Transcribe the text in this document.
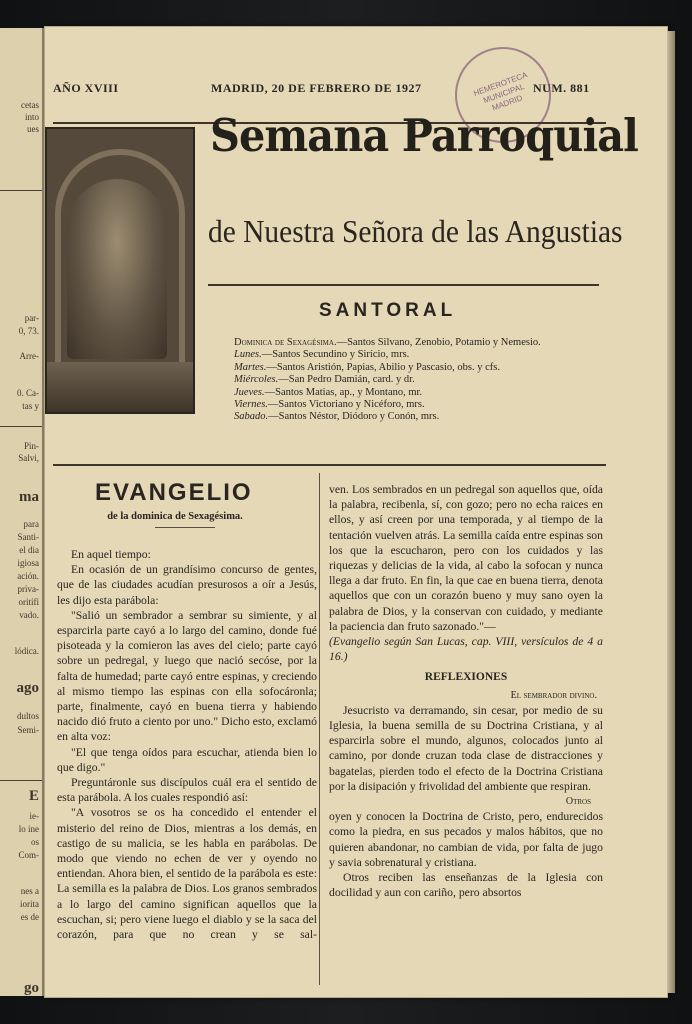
cetas
into
ues
par-
0, 73.
Arre-
0. Ca-
tas y
Pin-
Salvi,
ma
para
Santi-
el dia
igiosa
ación.
priva-
oritífi
vado.
lódica.
ago
dultos
Semi-
E
ie-
lo ine
os
Com-
nes a
iorita
es de
go
HEMEROTECA MUNICIPAL MADRID
AÑO XVIII	MADRID, 20 DE FEBRERO DE 1927	NUM. 881
Semana Parroquial
de Nuestra Señora de las Angustias
SANTORAL
Dominica de Sexagésima.—Santos Silvano, Zenobio, Potamio y Nemesio.
Lunes.—Santos Secundino y Sirício, mrs.
Martes.—Santos Aristión, Papias, Abilio y Pascasio, obs. y cfs.
Miércoles.—San Pedro Damián, card. y dr.
Jueves.—Santos Matias, ap., y Montano, mr.
Viernes.—Santos Victoriano y Nicéforo, mrs.
Sabado.—Santos Néstor, Diódoro y Conón, mrs.
EVANGELIO
de la dominica de Sexagésima.

En aquel tiempo:

En ocasión de un grandísimo concurso de gentes, que de las ciudades acudían presurosos a oír a Jesús, les dijo esta parábola:

"Salió un sembrador a sembrar su simiente, y al esparcirla parte cayó a lo largo del camino, donde fué pisoteada y la comieron las aves del cielo; parte cayó sobre un pedregal, y luego que nació secóse, por la falta de humedad; parte cayó entre espinas, y creciendo al mismo tiempo las espinas con ella sofocáronla; parte, finalmente, cayó en buena tierra y habiendo nacido dió fruto a ciento por uno." Dicho esto, exclamó en alta voz:

"El que tenga oídos para escuchar, atienda bien lo que digo."

Preguntáronle sus discípulos cuál era el sentido de esta parábola. A los cuales respondió así:

"A vosotros se os ha concedido el entender el misterio del reino de Dios, mientras a los demás, en castigo de su malicia, se les habla en parábolas. De modo que viendo no echen de ver y oyendo no entiendan. Ahora bien, el sentido de la parábola es este: La semilla es la palabra de Dios. Los granos sembrados a lo largo del camino significan aquellos que la escuchan, si; pero viene luego el diablo y se la saca del corazón, para que no crean y se sal-

ven. Los sembrados en un pedregal son aquellos que, oída la palabra, recibenla, sí, con gozo; pero no echa raices en ellos, y así creen por una temporada, y al tiempo de la tentación vuelven atrás. La semilla caída entre espinas son los que la escucharon, pero con los cuidados y las riquezas y delicias de la vida, al cabo la sofocan y nunca llega a dar fruto. En fin, la que cae en buena tierra, denota aquellos que con un corazón bueno y muy sano oyen la palabra de Dios, y la conservan con cuidado, y mediante la paciencia dan fruto sazonado."—

(Evangelio según San Lucas, cap. VIII, versículos de 4 a 16.)

REFLEXIONES

El sembrador divino.

Jesucristo va derramando, sin cesar, por medio de su Iglesia, la buena semilla de su Doctrina Cristiana, y al esparcirla sobre el mundo, algunos, colocados junto al camino, por donde cruzan toda clase de distracciones y bagatelas, pierden todo el efecto de la Doctrina Cristiana por la disipación y frivolidad del ambiente que respiran.

Otros

oyen y conocen la Doctrina de Cristo, pero, endurecidos como la piedra, en sus pecados y malos hábitos, que no quieren abandonar, no cambian de vida, por falta de jugo y savia sobrenatural y cristiana.

Otros reciben las enseñanzas de la Iglesia con docilidad y aun con cariño, pero absortos
